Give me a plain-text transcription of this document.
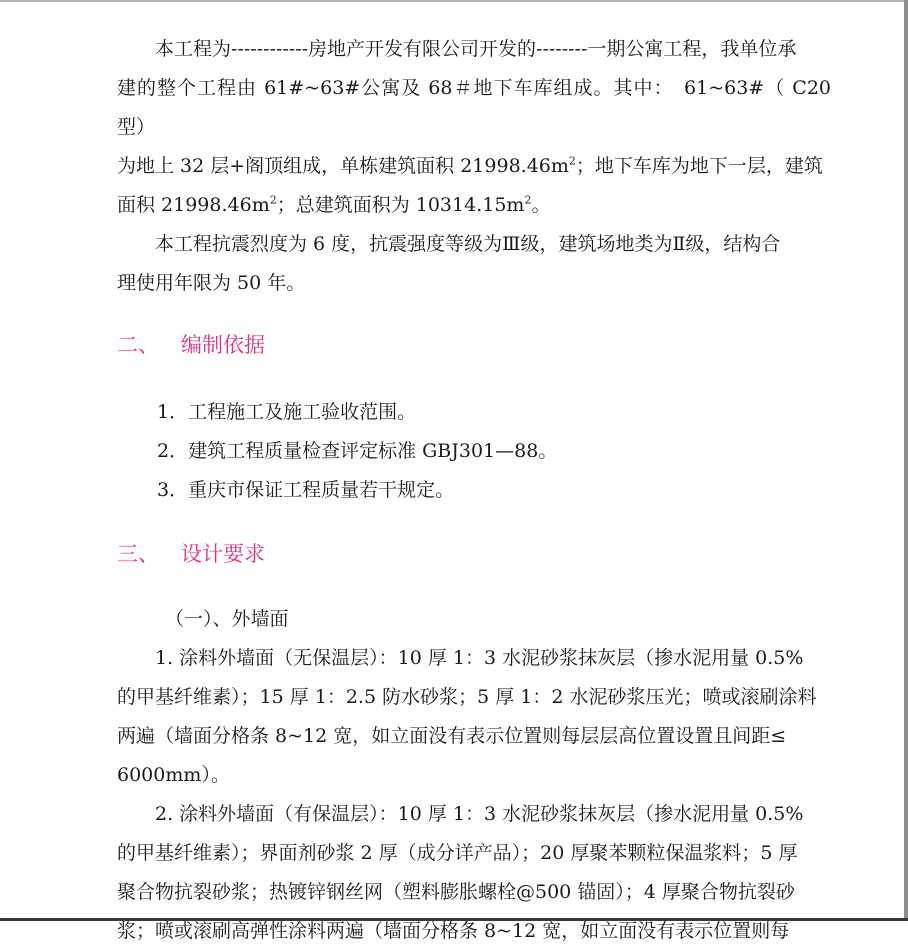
本工程为------------房地产开发有限公司开发的--------一期公寓工程，我单位承

建的整个工程由 61#~63#公寓及 68＃地下车库组成。其中：　61~63#（ C20 型）

为地上 32 层+阁顶组成，单栋建筑面积 $21998.46m^2$；地下车库为地下一层，建筑

面积 $21998.46m^2$；总建筑面积为 $10314.15m^2$。

本工程抗震烈度为 6 度，抗震强度等级为Ⅲ级，建筑场地类为Ⅱ级，结构合

理使用年限为 50 年。

二、 编制依据

1．工程施工及施工验收范围。

2．建筑工程质量检查评定标准 GBJ301—88。

3．重庆市保证工程质量若干规定。

三、 设计要求

（一）、外墙面

1. 涂料外墙面（无保温层）：10 厚 1：3 水泥砂浆抹灰层（掺水泥用量 0.5%

的甲基纤维素）；15 厚 1：2.5 防水砂浆；5 厚 1：2 水泥砂浆压光；喷或滚刷涂料

两遍（墙面分格条 8~12 宽，如立面没有表示位置则每层层高位置设置且间距≤

6000mm）。

2. 涂料外墙面（有保温层）：10 厚 1：3 水泥砂浆抹灰层（掺水泥用量 0.5%

的甲基纤维素）；界面剂砂浆 2 厚（成分详产品）；20 厚聚苯颗粒保温浆料；5 厚

聚合物抗裂砂浆；热镀锌钢丝网（塑料膨胀螺栓@500 锚固）；4 厚聚合物抗裂砂

浆；喷或滚刷高弹性涂料两遍（墙面分格条 8~12 宽，如立面没有表示位置则每
